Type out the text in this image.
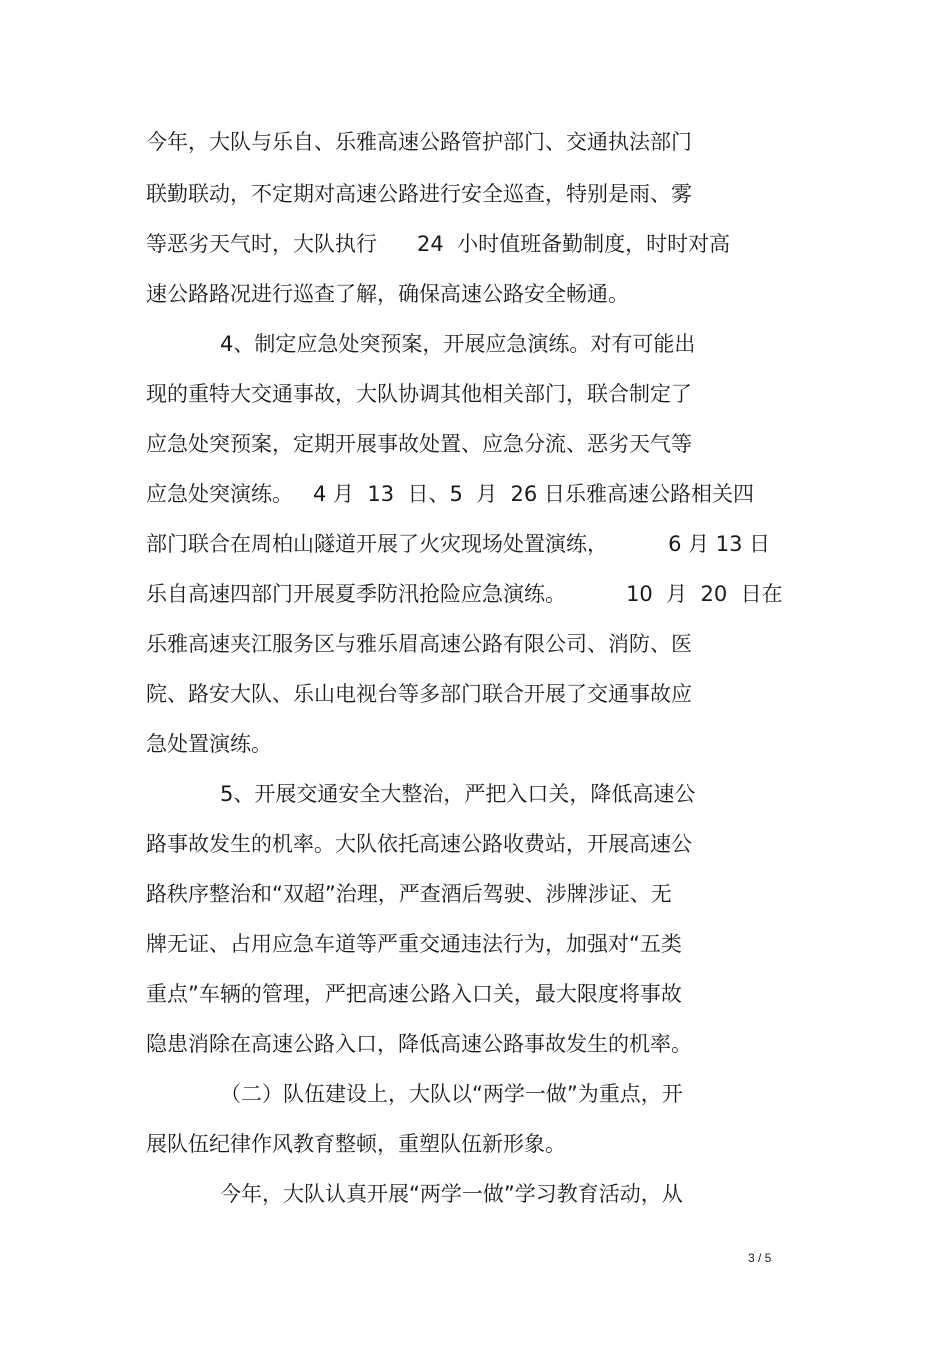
今年，大队与乐自、乐雅高速公路管护部门、交通执法部门
联勤联动，不定期对高速公路进行安全巡查，特别是雨、雾
等恶劣天气时，大队执行      24  小时值班备勤制度，时时对高
速公路路况进行巡查了解，确保高速公路安全畅通。
4、制定应急处突预案，开展应急演练。对有可能出
现的重特大交通事故，大队协调其他相关部门，联合制定了
应急处突预案，定期开展事故处置、应急分流、恶劣天气等
应急处突演练。   4 月  13  日、5  月  26 日乐雅高速公路相关四
部门联合在周柏山隧道开展了火灾现场处置演练，         6 月 13 日
乐自高速四部门开展夏季防汛抢险应急演练。         10  月  20  日在
乐雅高速夹江服务区与雅乐眉高速公路有限公司、消防、医
院、路安大队、乐山电视台等多部门联合开展了交通事故应
急处置演练。
5、开展交通安全大整治，严把入口关，降低高速公
路事故发生的机率。大队依托高速公路收费站，开展高速公
路秩序整治和“双超”治理，严查酒后驾驶、涉牌涉证、无
牌无证、占用应急车道等严重交通违法行为，加强对“五类
重点”车辆的管理，严把高速公路入口关，最大限度将事故
隐患消除在高速公路入口，降低高速公路事故发生的机率。
（二）队伍建设上，大队以“两学一做”为重点，开
展队伍纪律作风教育整顿，重塑队伍新形象。
今年，大队认真开展“两学一做”学习教育活动，从
3 / 5
